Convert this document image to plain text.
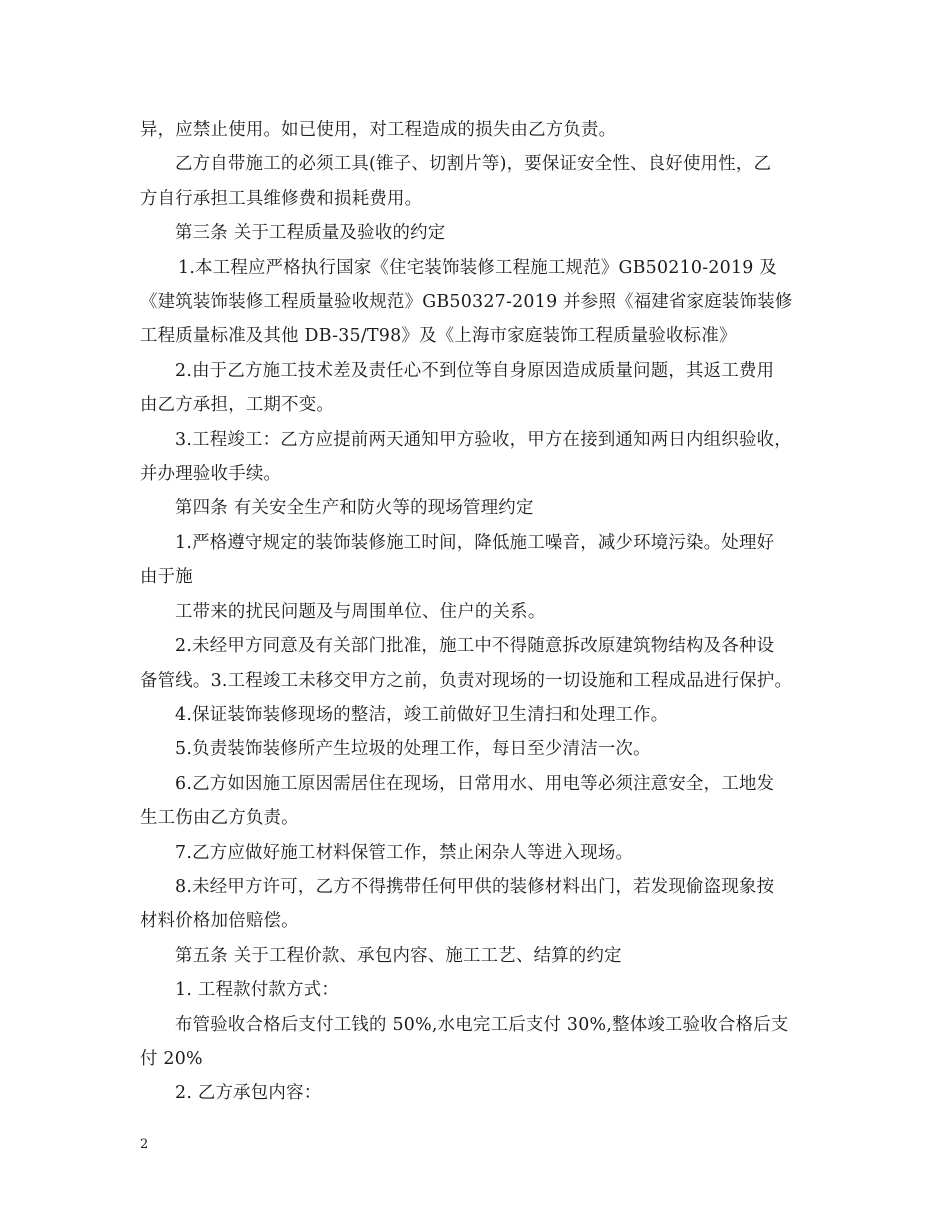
异，应禁止使用。如已使用，对工程造成的损失由乙方负责。

乙方自带施工的必须工具(锥子、切割片等)，要保证安全性、良好使用性，乙

方自行承担工具维修费和损耗费用。

第三条 关于工程质量及验收的约定

1.本工程应严格执行国家《住宅装饰装修工程施工规范》GB50210-2019 及

《建筑装饰装修工程质量验收规范》GB50327-2019 并参照《福建省家庭装饰装修

工程质量标准及其他 DB-35/T98》及《上海市家庭装饰工程质量验收标准》

2.由于乙方施工技术差及责任心不到位等自身原因造成质量问题，其返工费用

由乙方承担，工期不变。

3.工程竣工：乙方应提前两天通知甲方验收，甲方在接到通知两日内组织验收，

并办理验收手续。

第四条 有关安全生产和防火等的现场管理约定

1.严格遵守规定的装饰装修施工时间，降低施工噪音，减少环境污染。处理好

由于施

工带来的扰民问题及与周围单位、住户的关系。

2.未经甲方同意及有关部门批准，施工中不得随意拆改原建筑物结构及各种设

备管线。3.工程竣工未移交甲方之前，负责对现场的一切设施和工程成品进行保护。

4.保证装饰装修现场的整洁，竣工前做好卫生清扫和处理工作。

5.负责装饰装修所产生垃圾的处理工作，每日至少清洁一次。

6.乙方如因施工原因需居住在现场，日常用水、用电等必须注意安全，工地发

生工伤由乙方负责。

7.乙方应做好施工材料保管工作，禁止闲杂人等进入现场。

8.未经甲方许可，乙方不得携带任何甲供的装修材料出门，若发现偷盗现象按

材料价格加倍赔偿。

第五条 关于工程价款、承包内容、施工工艺、结算的约定

1. 工程款付款方式：

布管验收合格后支付工钱的 50%,水电完工后支付 30%,整体竣工验收合格后支

付 20%

2. 乙方承包内容：

2
